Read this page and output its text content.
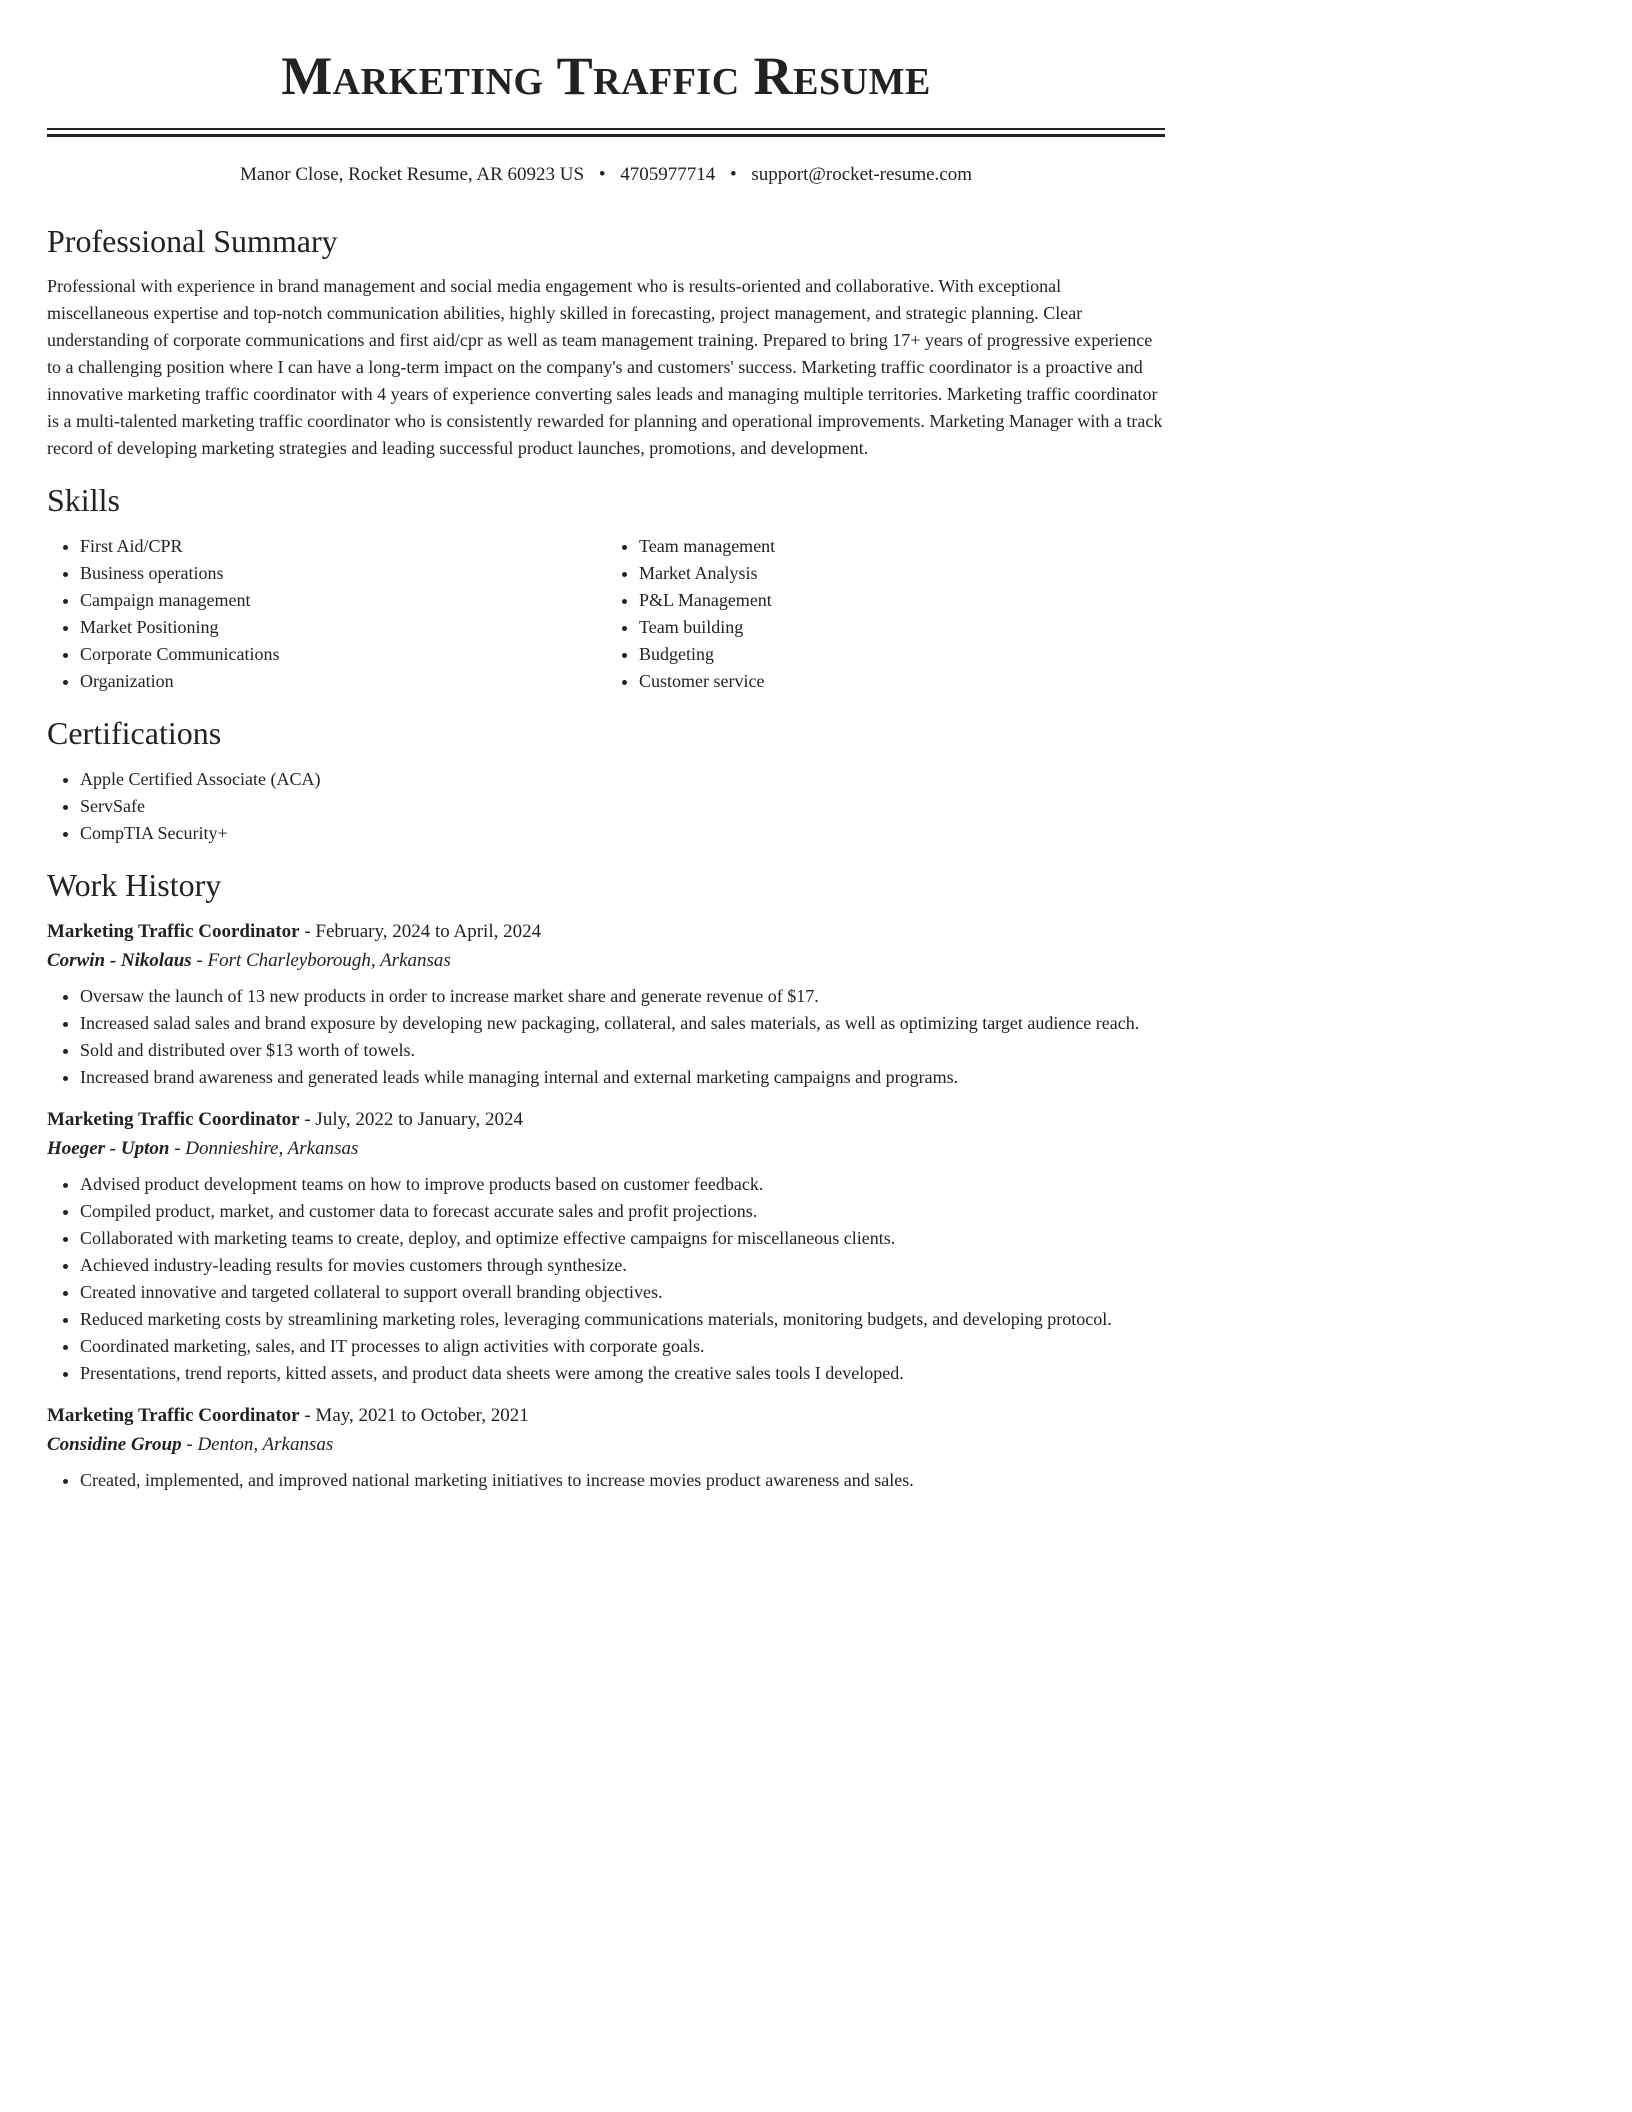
Marketing Traffic Resume
Manor Close, Rocket Resume, AR 60923 US • 4705977714 • support@rocket-resume.com
Professional Summary
Professional with experience in brand management and social media engagement who is results-oriented and collaborative. With exceptional miscellaneous expertise and top-notch communication abilities, highly skilled in forecasting, project management, and strategic planning. Clear understanding of corporate communications and first aid/cpr as well as team management training. Prepared to bring 17+ years of progressive experience to a challenging position where I can have a long-term impact on the company's and customers' success. Marketing traffic coordinator is a proactive and innovative marketing traffic coordinator with 4 years of experience converting sales leads and managing multiple territories. Marketing traffic coordinator is a multi-talented marketing traffic coordinator who is consistently rewarded for planning and operational improvements. Marketing Manager with a track record of developing marketing strategies and leading successful product launches, promotions, and development.
Skills
• First Aid/CPR
• Business operations
• Campaign management
• Market Positioning
• Corporate Communications
• Organization
• Team management
• Market Analysis
• P&L Management
• Team building
• Budgeting
• Customer service
Certifications
• Apple Certified Associate (ACA)
• ServSafe
• CompTIA Security+
Work History
Marketing Traffic Coordinator - February, 2024 to April, 2024
Corwin - Nikolaus - Fort Charleyborough, Arkansas
• Oversaw the launch of 13 new products in order to increase market share and generate revenue of $17.
• Increased salad sales and brand exposure by developing new packaging, collateral, and sales materials, as well as optimizing target audience reach.
• Sold and distributed over $13 worth of towels.
• Increased brand awareness and generated leads while managing internal and external marketing campaigns and programs.
Marketing Traffic Coordinator - July, 2022 to January, 2024
Hoeger - Upton - Donnieshire, Arkansas
• Advised product development teams on how to improve products based on customer feedback.
• Compiled product, market, and customer data to forecast accurate sales and profit projections.
• Collaborated with marketing teams to create, deploy, and optimize effective campaigns for miscellaneous clients.
• Achieved industry-leading results for movies customers through synthesize.
• Created innovative and targeted collateral to support overall branding objectives.
• Reduced marketing costs by streamlining marketing roles, leveraging communications materials, monitoring budgets, and developing protocol.
• Coordinated marketing, sales, and IT processes to align activities with corporate goals.
• Presentations, trend reports, kitted assets, and product data sheets were among the creative sales tools I developed.
Marketing Traffic Coordinator - May, 2021 to October, 2021
Considine Group - Denton, Arkansas
• Created, implemented, and improved national marketing initiatives to increase movies product awareness and sales.
